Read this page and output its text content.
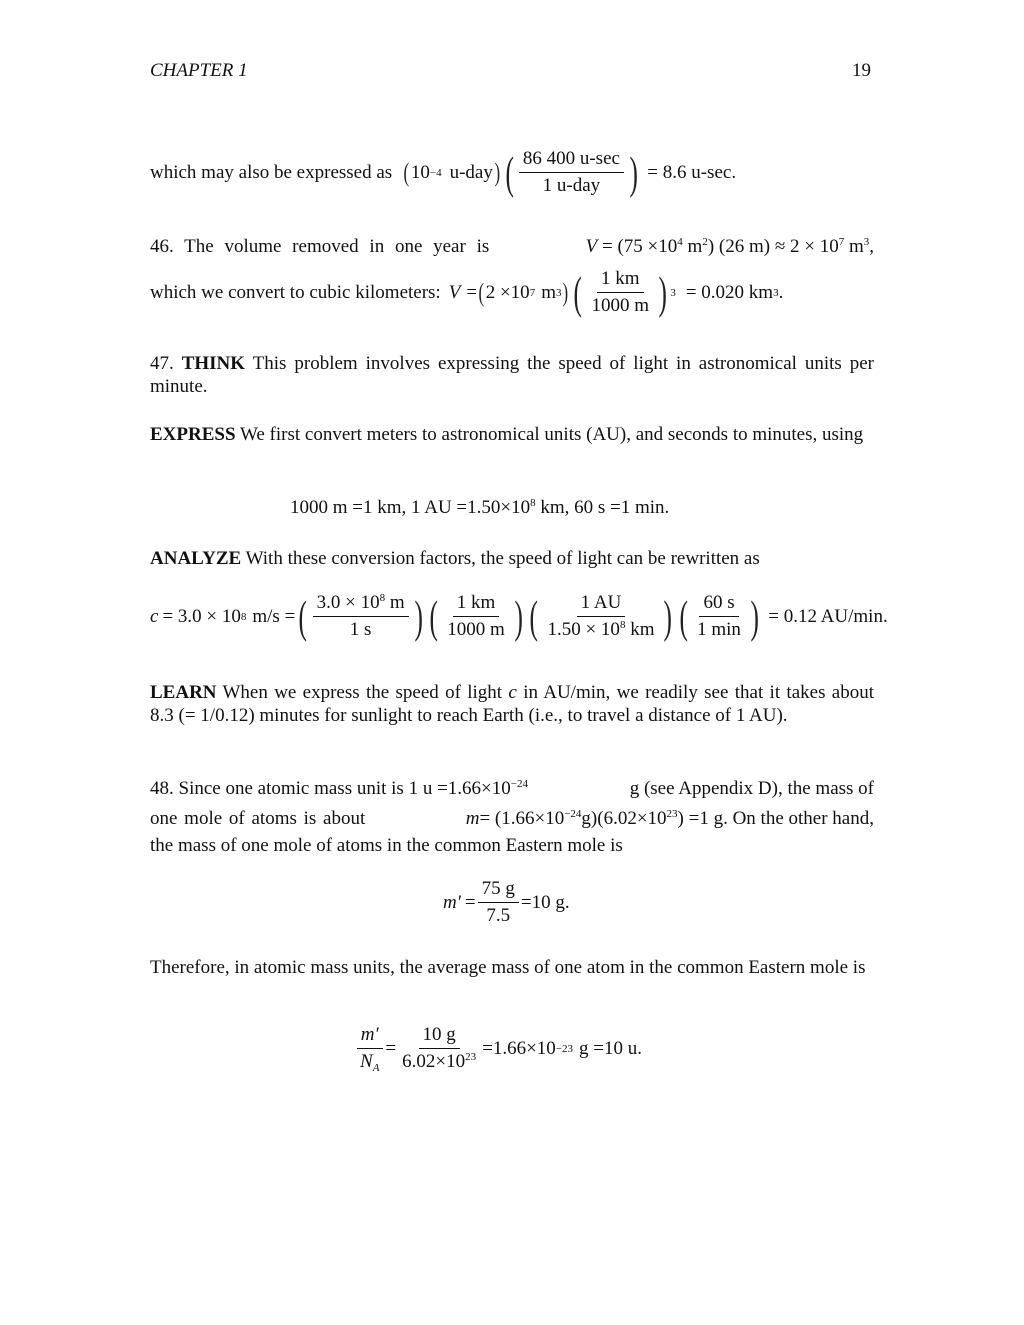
CHAPTER 1	19
which may also be expressed as ( 10 −4 u-day ) ( $\frac{86 400 u-\sec}{\text{1 u-day}}$ ) = 8.6 u-sec.
46. The volume removed in one year is	$V = (75 \times 10^4$ $m^2$) (26 $m) \approx 2 \times 10^7$ $m^3$,
which we convert to cubic kilometers: V = ( 2 ×10 7 m 3 ) ( $\frac{1 km}{1000 m}$ ) 3 = 0.020 km 3 .
47. THINK This problem involves expressing the speed of light in astronomical units per minute.
EXPRESS We first convert meters to astronomical units (AU), and seconds to minutes, using
1000 m =1 km, 1 AU $=1.50\times 10^8$ km, 60 s =1 min.
ANALYZE With these conversion factors, the speed of light can be rewritten as
c = 3.0 × 10 8 m/s = ( $\frac{3.0 \times 10^8 m}{1 s}$ ) ( $\frac{1 km}{1000 m}$ ) ( $\frac{1 AU}{1.50 \times 10^8 km}$ ) ( $\frac{60 s}{1 \min}$ ) = 0.12 AU/min.
LEARN When we express the speed of light c in AU/min, we readily see that it takes about 8.3 (= 1/0.12) minutes for sunlight to reach Earth (i.e., to travel a distance of 1 AU).
48. Since one atomic mass unit is 1 $u =1.66\times 10^{-24}$	g (see Appendix D), the mass of
one mole of atoms is about	$m= (1.66\times 10^{-24}g)(6.02\times 10^{23}) =1$ g. On the other hand,
the mass of one mole of atoms in the common Eastern mole is
$m' = \frac{75 g}{7.5} =10$ g.
Therefore, in atomic mass units, the average mass of one atom in the common Eastern mole is
$\frac{m'}{N_A} = \frac{10 g}{6.02\times 10^{23}} =1.66\times 10 -23$ g =10 u.
